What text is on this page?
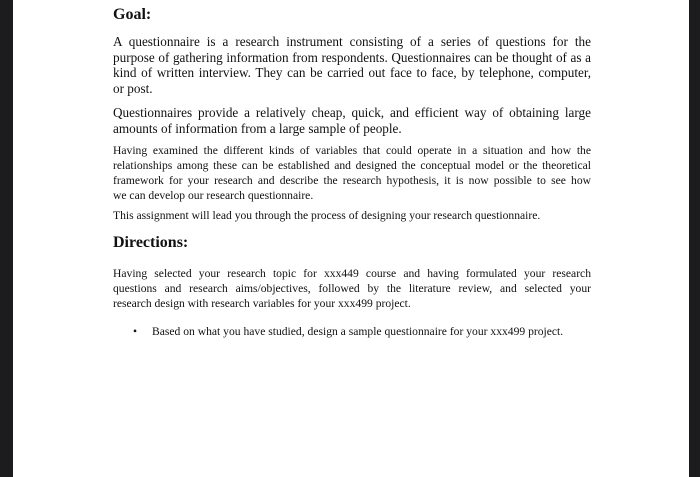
Goal:
A questionnaire is a research instrument consisting of a series of questions for the
purpose of gathering information from respondents. Questionnaires can be thought of as a
kind of written interview. They can be carried out face to face, by telephone, computer,
or post.
Questionnaires provide a relatively cheap, quick, and efficient way of obtaining large
amounts of information from a large sample of people.
Having examined the different kinds of variables that could operate in a situation and how the
relationships among these can be established and designed the conceptual model or the theoretical
framework for your research and describe the research hypothesis, it is now possible to see how
we can develop our research questionnaire.
This assignment will lead you through the process of designing your research questionnaire.
Directions:
Having selected your research topic for xxx449 course and having formulated your research
questions and research aims/objectives, followed by the literature review, and selected your
research design with research variables for your xxx499 project.
• Based on what you have studied, design a sample questionnaire for your xxx499 project.
